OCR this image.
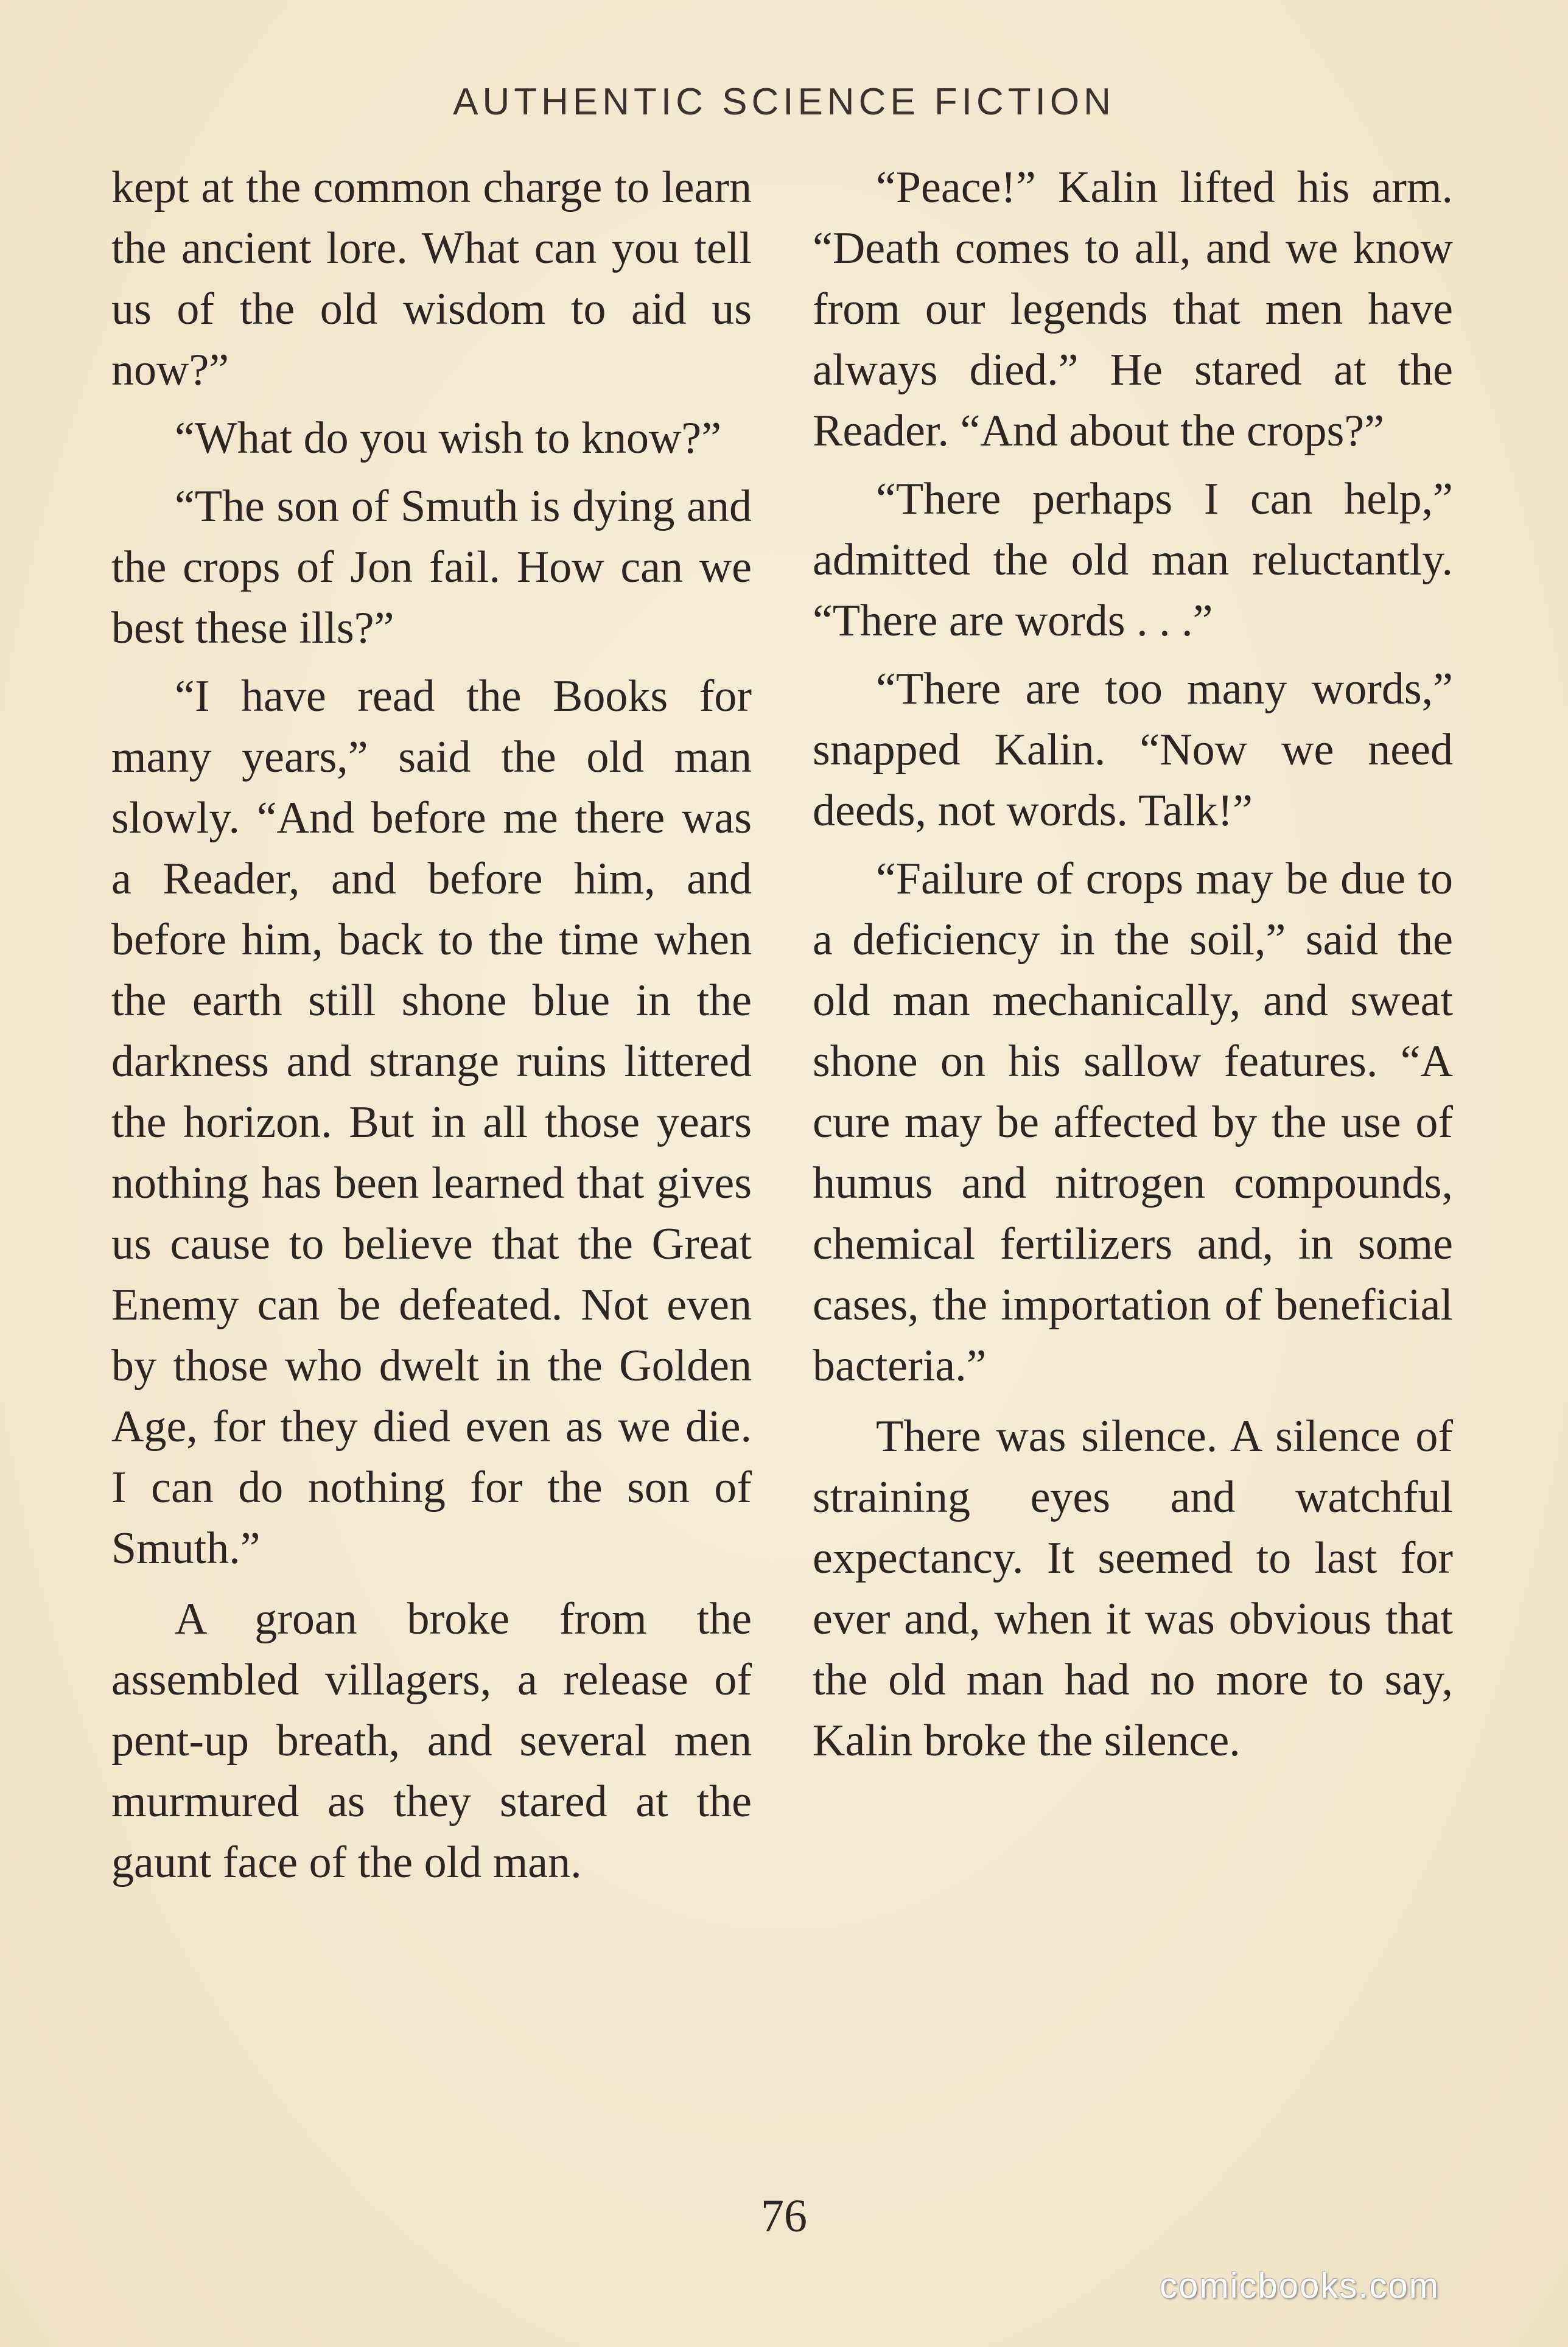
AUTHENTIC SCIENCE FICTION

kept at the common charge to learn the ancient lore. What can you tell us of the old wisdom to aid us now?”

“What do you wish to know?”

“The son of Smuth is dying and the crops of Jon fail. How can we best these ills?”

“I have read the Books for many years,” said the old man slowly. “And before me there was a Reader, and before him, and before him, back to the time when the earth still shone blue in the darkness and strange ruins littered the horizon. But in all those years nothing has been learned that gives us cause to believe that the Great Enemy can be defeated. Not even by those who dwelt in the Golden Age, for they died even as we die. I can do nothing for the son of Smuth.”

A groan broke from the assembled villagers, a release of pent-up breath, and several men murmured as they stared at the gaunt face of the old man.

“Peace!” Kalin lifted his arm. “Death comes to all, and we know from our legends that men have always died.” He stared at the Reader. “And about the crops?”

“There perhaps I can help,” admitted the old man reluctantly. “There are words . . .”

“There are too many words,” snapped Kalin. “Now we need deeds, not words. Talk!”

“Failure of crops may be due to a deficiency in the soil,” said the old man mechanically, and sweat shone on his sallow features. “A cure may be affected by the use of humus and nitrogen compounds, chemical fertilizers and, in some cases, the importation of beneficial bacteria.”

There was silence. A silence of straining eyes and watchful expectancy. It seemed to last for ever and, when it was obvious that the old man had no more to say, Kalin broke the silence.

76
comicbooks.com
